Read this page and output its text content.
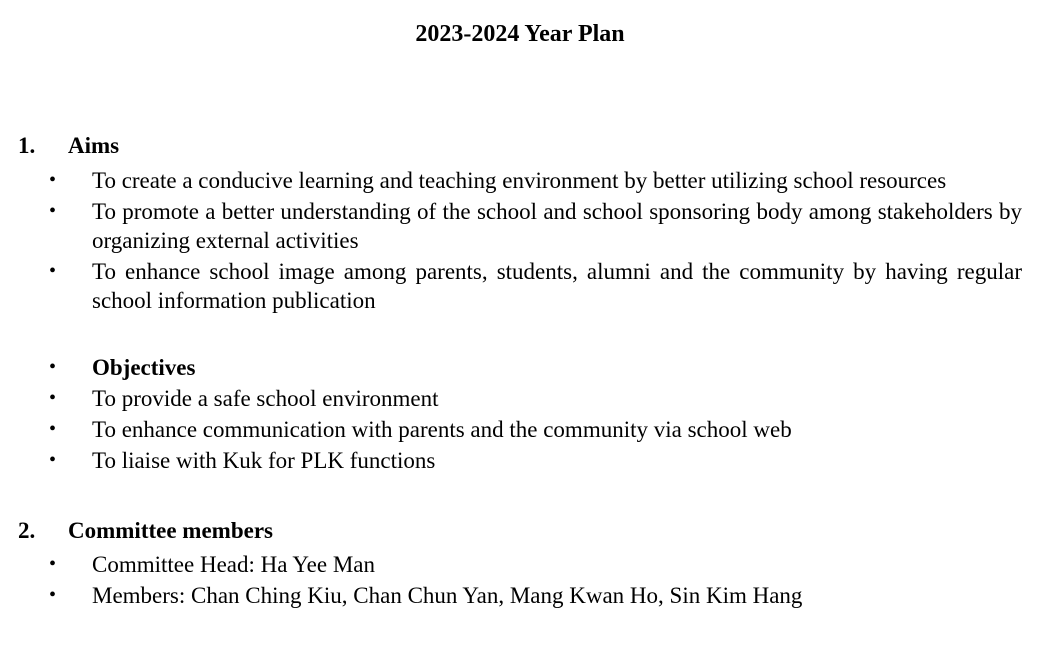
2023-2024 Year Plan
1. Aims
• To create a conducive learning and teaching environment by better utilizing school resources
• To promote a better understanding of the school and school sponsoring body among stakeholders by organizing external activities
• To enhance school image among parents, students, alumni and the community by having regular school information publication
• Objectives
• To provide a safe school environment
• To enhance communication with parents and the community via school web
• To liaise with Kuk for PLK functions
2. Committee members
• Committee Head: Ha Yee Man
• Members: Chan Ching Kiu, Chan Chun Yan, Mang Kwan Ho, Sin Kim Hang
